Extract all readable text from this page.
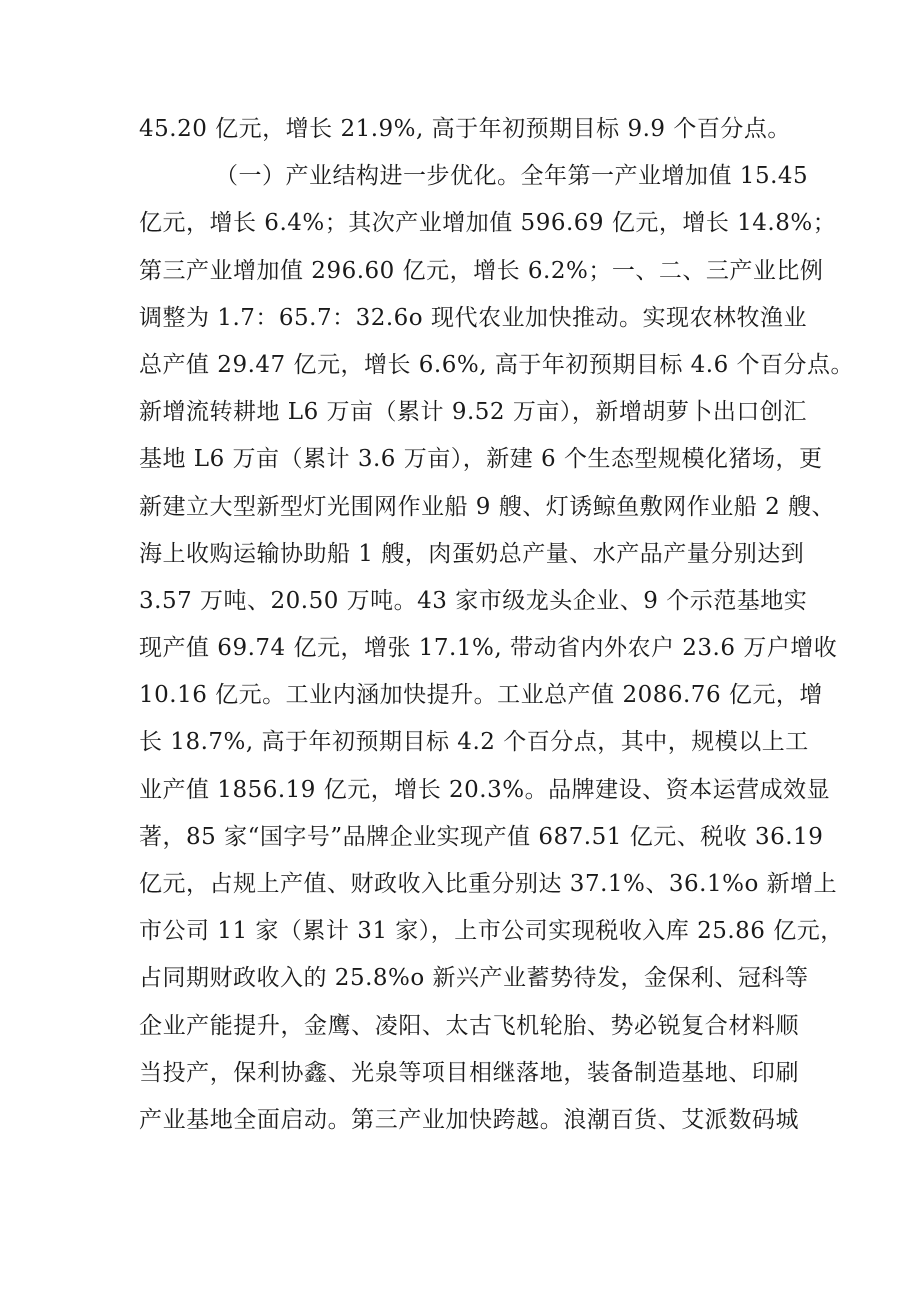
45.20 亿元，增长 21.9%, 高于年初预期目标 9.9 个百分点。
（一）产业结构进一步优化。全年第一产业增加值 15.45
亿元，增长 6.4%；其次产业增加值 596.69 亿元，增长 14.8%；
第三产业增加值 296.60 亿元，增长 6.2%；一、二、三产业比例
调整为 1.7：65.7：32.6o 现代农业加快推动。实现农林牧渔业
总产值 29.47 亿元，增长 6.6%, 高于年初预期目标 4.6 个百分点。
新增流转耕地 L6 万亩（累计 9.52 万亩），新增胡萝卜出口创汇
基地 L6 万亩（累计 3.6 万亩），新建 6 个生态型规模化猪场，更
新建立大型新型灯光围网作业船 9 艘、灯诱鲸鱼敷网作业船 2 艘、
海上收购运输协助船 1 艘，肉蛋奶总产量、水产品产量分别达到
3.57 万吨、20.50 万吨。43 家市级龙头企业、9 个示范基地实
现产值 69.74 亿元，增张 17.1%, 带动省内外农户 23.6 万户增收
10.16 亿元。工业内涵加快提升。工业总产值 2086.76 亿元，增
长 18.7%, 高于年初预期目标 4.2 个百分点，其中，规模以上工
业产值 1856.19 亿元，增长 20.3%。品牌建设、资本运营成效显
著，85 家“国字号”品牌企业实现产值 687.51 亿元、税收 36.19
亿元，占规上产值、财政收入比重分别达 37.1%、36.1%o 新增上
市公司 11 家（累计 31 家），上市公司实现税收入库 25.86 亿元，
占同期财政收入的 25.8%o 新兴产业蓄势待发，金保利、冠科等
企业产能提升，金鹰、凌阳、太古飞机轮胎、势必锐复合材料顺
当投产，保利协鑫、光泉等项目相继落地，装备制造基地、印刷
产业基地全面启动。第三产业加快跨越。浪潮百货、艾派数码城
